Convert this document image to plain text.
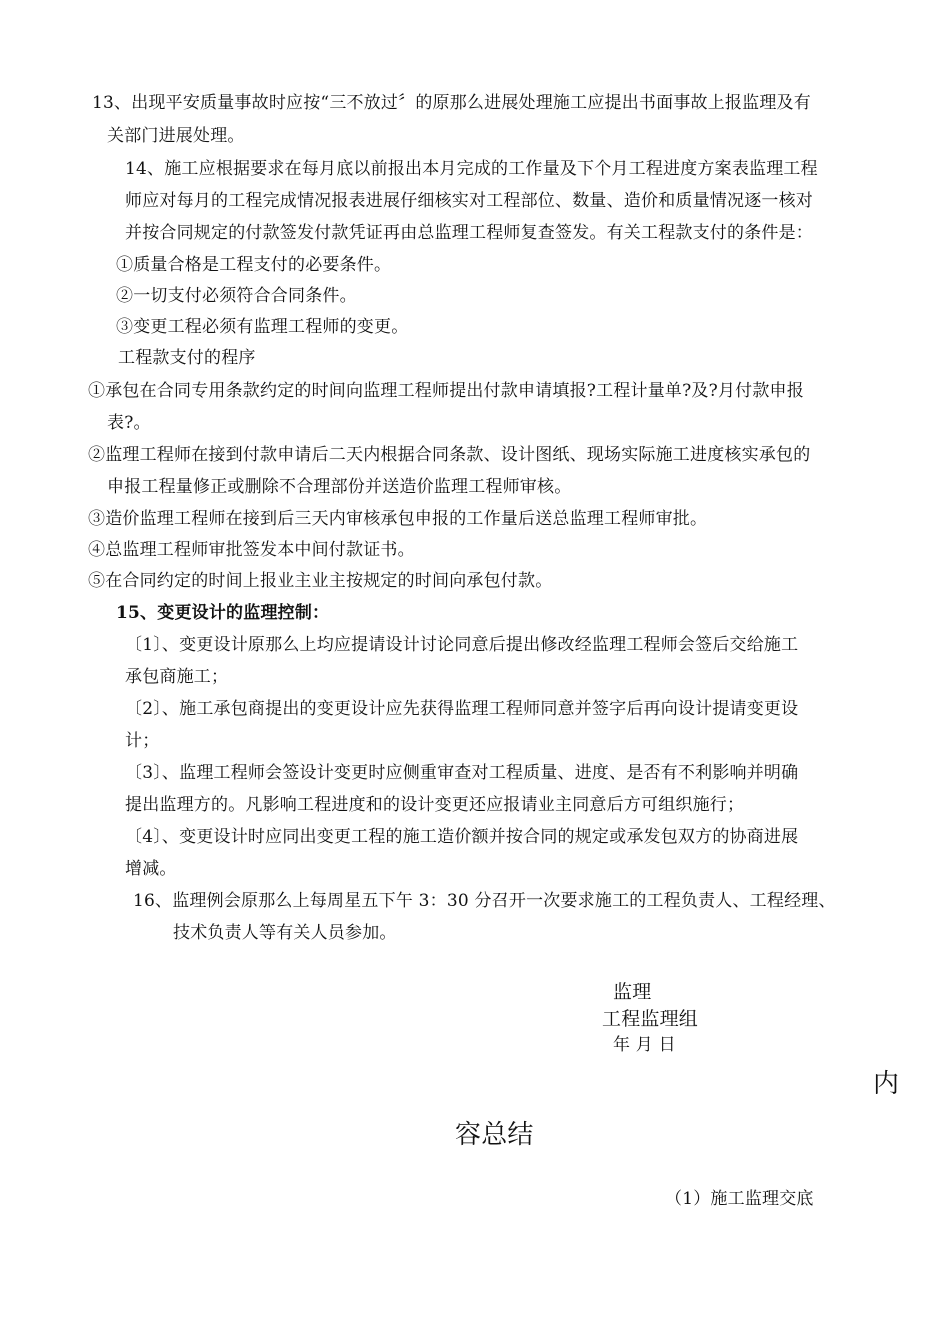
13、出现平安质量事故时应按“三不放过〞的原那么进展处理施工应提出书面事故上报监理及有
关部门进展处理。
14、施工应根据要求在每月底以前报出本月完成的工作量及下个月工程进度方案表监理工程
师应对每月的工程完成情况报表进展仔细核实对工程部位、数量、造价和质量情况逐一核对
并按合同规定的付款签发付款凭证再由总监理工程师复查签发。有关工程款支付的条件是：
①质量合格是工程支付的必要条件。
②一切支付必须符合合同条件。
③变更工程必须有监理工程师的变更。
工程款支付的程序
①承包在合同专用条款约定的时间向监理工程师提出付款申请填报?工程计量单?及?月付款申报
表?。
②监理工程师在接到付款申请后二天内根据合同条款、设计图纸、现场实际施工进度核实承包的
申报工程量修正或删除不合理部份并送造价监理工程师审核。
③造价监理工程师在接到后三天内审核承包申报的工作量后送总监理工程师审批。
④总监理工程师审批签发本中间付款证书。
⑤在合同约定的时间上报业主业主按规定的时间向承包付款。
15、变更设计的监理控制：
〔1〕、变更设计原那么上均应提请设计讨论同意后提出修改经监理工程师会签后交给施工
承包商施工；
〔2〕、施工承包商提出的变更设计应先获得监理工程师同意并签字后再向设计提请变更设
计；
〔3〕、监理工程师会签设计变更时应侧重审查对工程质量、进度、是否有不利影响并明确
提出监理方的。凡影响工程进度和的设计变更还应报请业主同意后方可组织施行；
〔4〕、变更设计时应同出变更工程的施工造价额并按合同的规定或承发包双方的协商进展
增减。
16、监理例会原那么上每周星五下午 3：30 分召开一次要求施工的工程负责人、工程经理、
技术负责人等有关人员参加。
监理
工程监理组
年 月 日
内
容总结
（1）施工监理交底
